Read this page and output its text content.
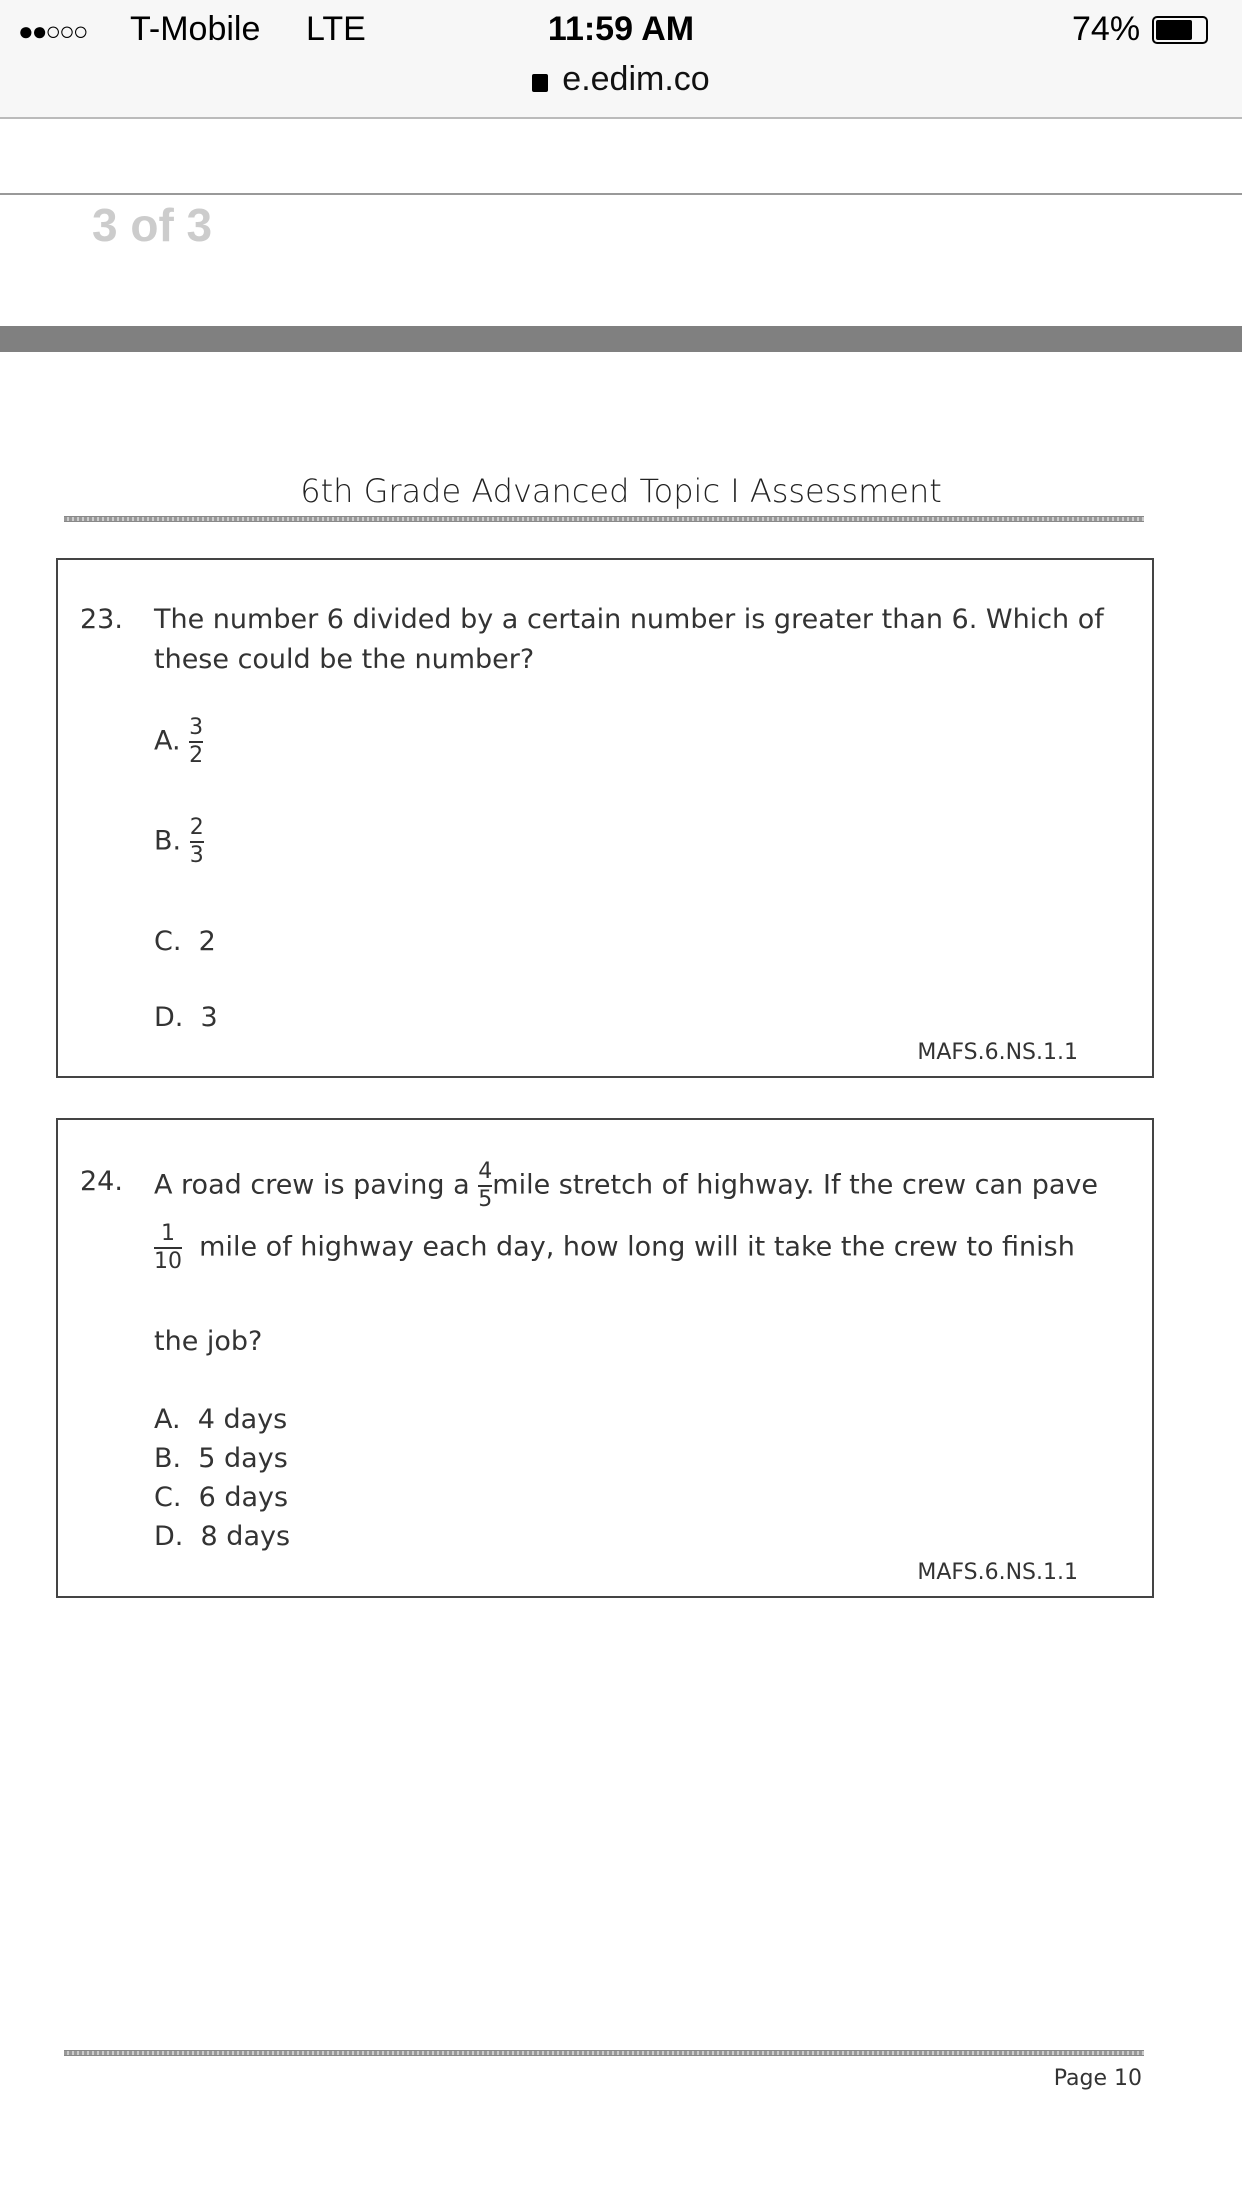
●●○○○ T-Mobile LTE	11:59 AM	74%
e.edim.co
3 of 3
6th Grade Advanced Topic I Assessment
23. The number 6 divided by a certain number is greater than 6. Which of
these could be the number?
A. $\frac{3}{2}$
B. $\frac{2}{3}$
C. 2
D. 3
MAFS.6.NS.1.1
24. A road crew is paving a $\frac{4}{5}$ mile stretch of highway. If the crew can pave
$\frac{1}{10}$ mile of highway each day, how long will it take the crew to finish
the job?
A. 4 days
B. 5 days
C. 6 days
D. 8 days
MAFS.6.NS.1.1
Page 10
